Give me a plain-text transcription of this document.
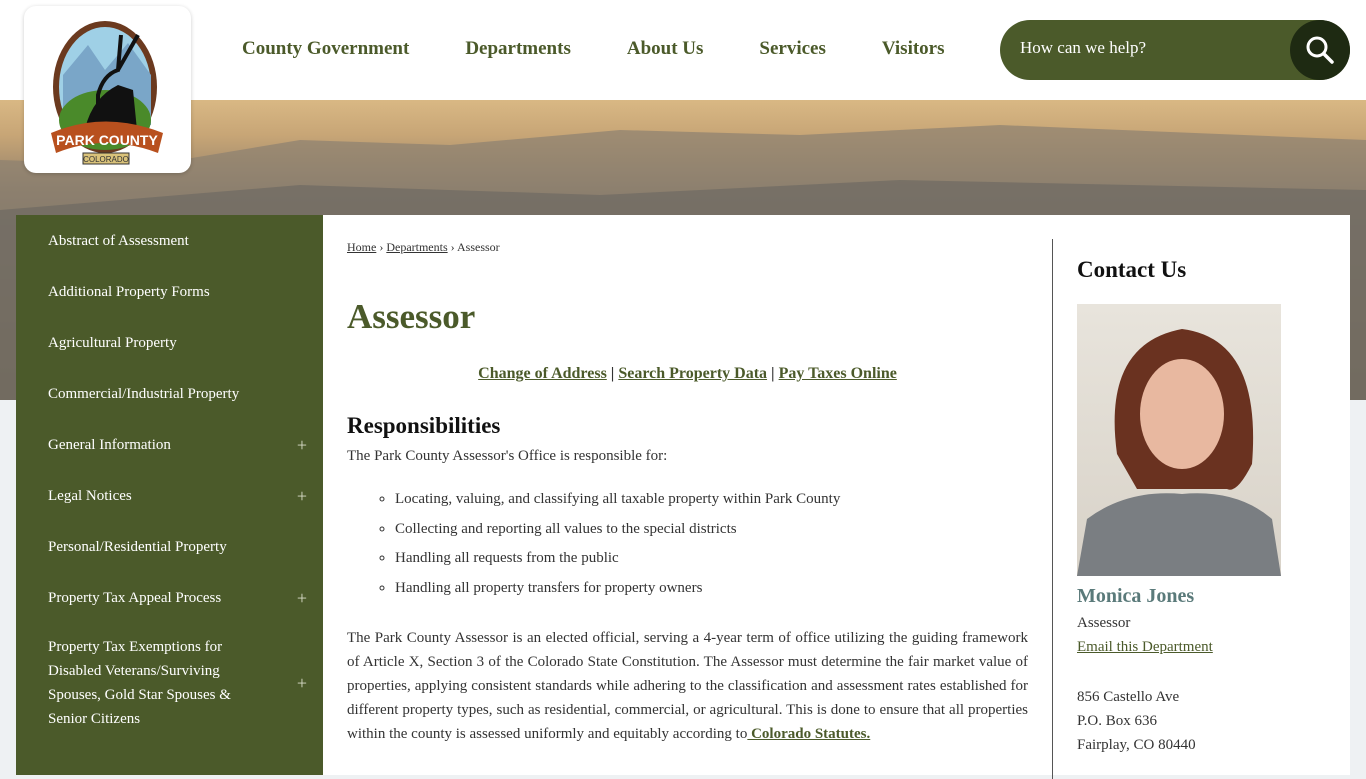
County Government	Departments	About Us	Services	Visitors
How can we help?
PARK COUNTY
COLORADO
Abstract of Assessment
Additional Property Forms
Agricultural Property
Commercial/Industrial Property
General Information	+
Legal Notices	+
Personal/Residential Property
Property Tax Appeal Process	+
Property Tax Exemptions for Disabled Veterans/Surviving Spouses, Gold Star Spouses & Senior Citizens
+
Home › Departments › Assessor
Assessor
Change of Address | Search Property Data | Pay Taxes Online
Responsibilities

The Park County Assessor's Office is responsible for:

◦ Locating, valuing, and classifying all taxable property within Park County
◦ Collecting and reporting all values to the special districts
◦ Handling all requests from the public
◦ Handling all property transfers for property owners

The Park County Assessor is an elected official, serving a 4-year term of office utilizing the guiding framework of Article X, Section 3 of the Colorado State Constitution. The Assessor must determine the fair market value of properties, applying consistent standards while adhering to the classification and assessment rates established for different property types, such as residential, commercial, or agricultural. This is done to ensure that all properties within the county is assessed uniformly and equitably according to Colorado Statutes.

Contact Us
Monica Jones
Assessor
Email this Department
856 Castello Ave
P.O. Box 636
Fairplay, CO 80440
